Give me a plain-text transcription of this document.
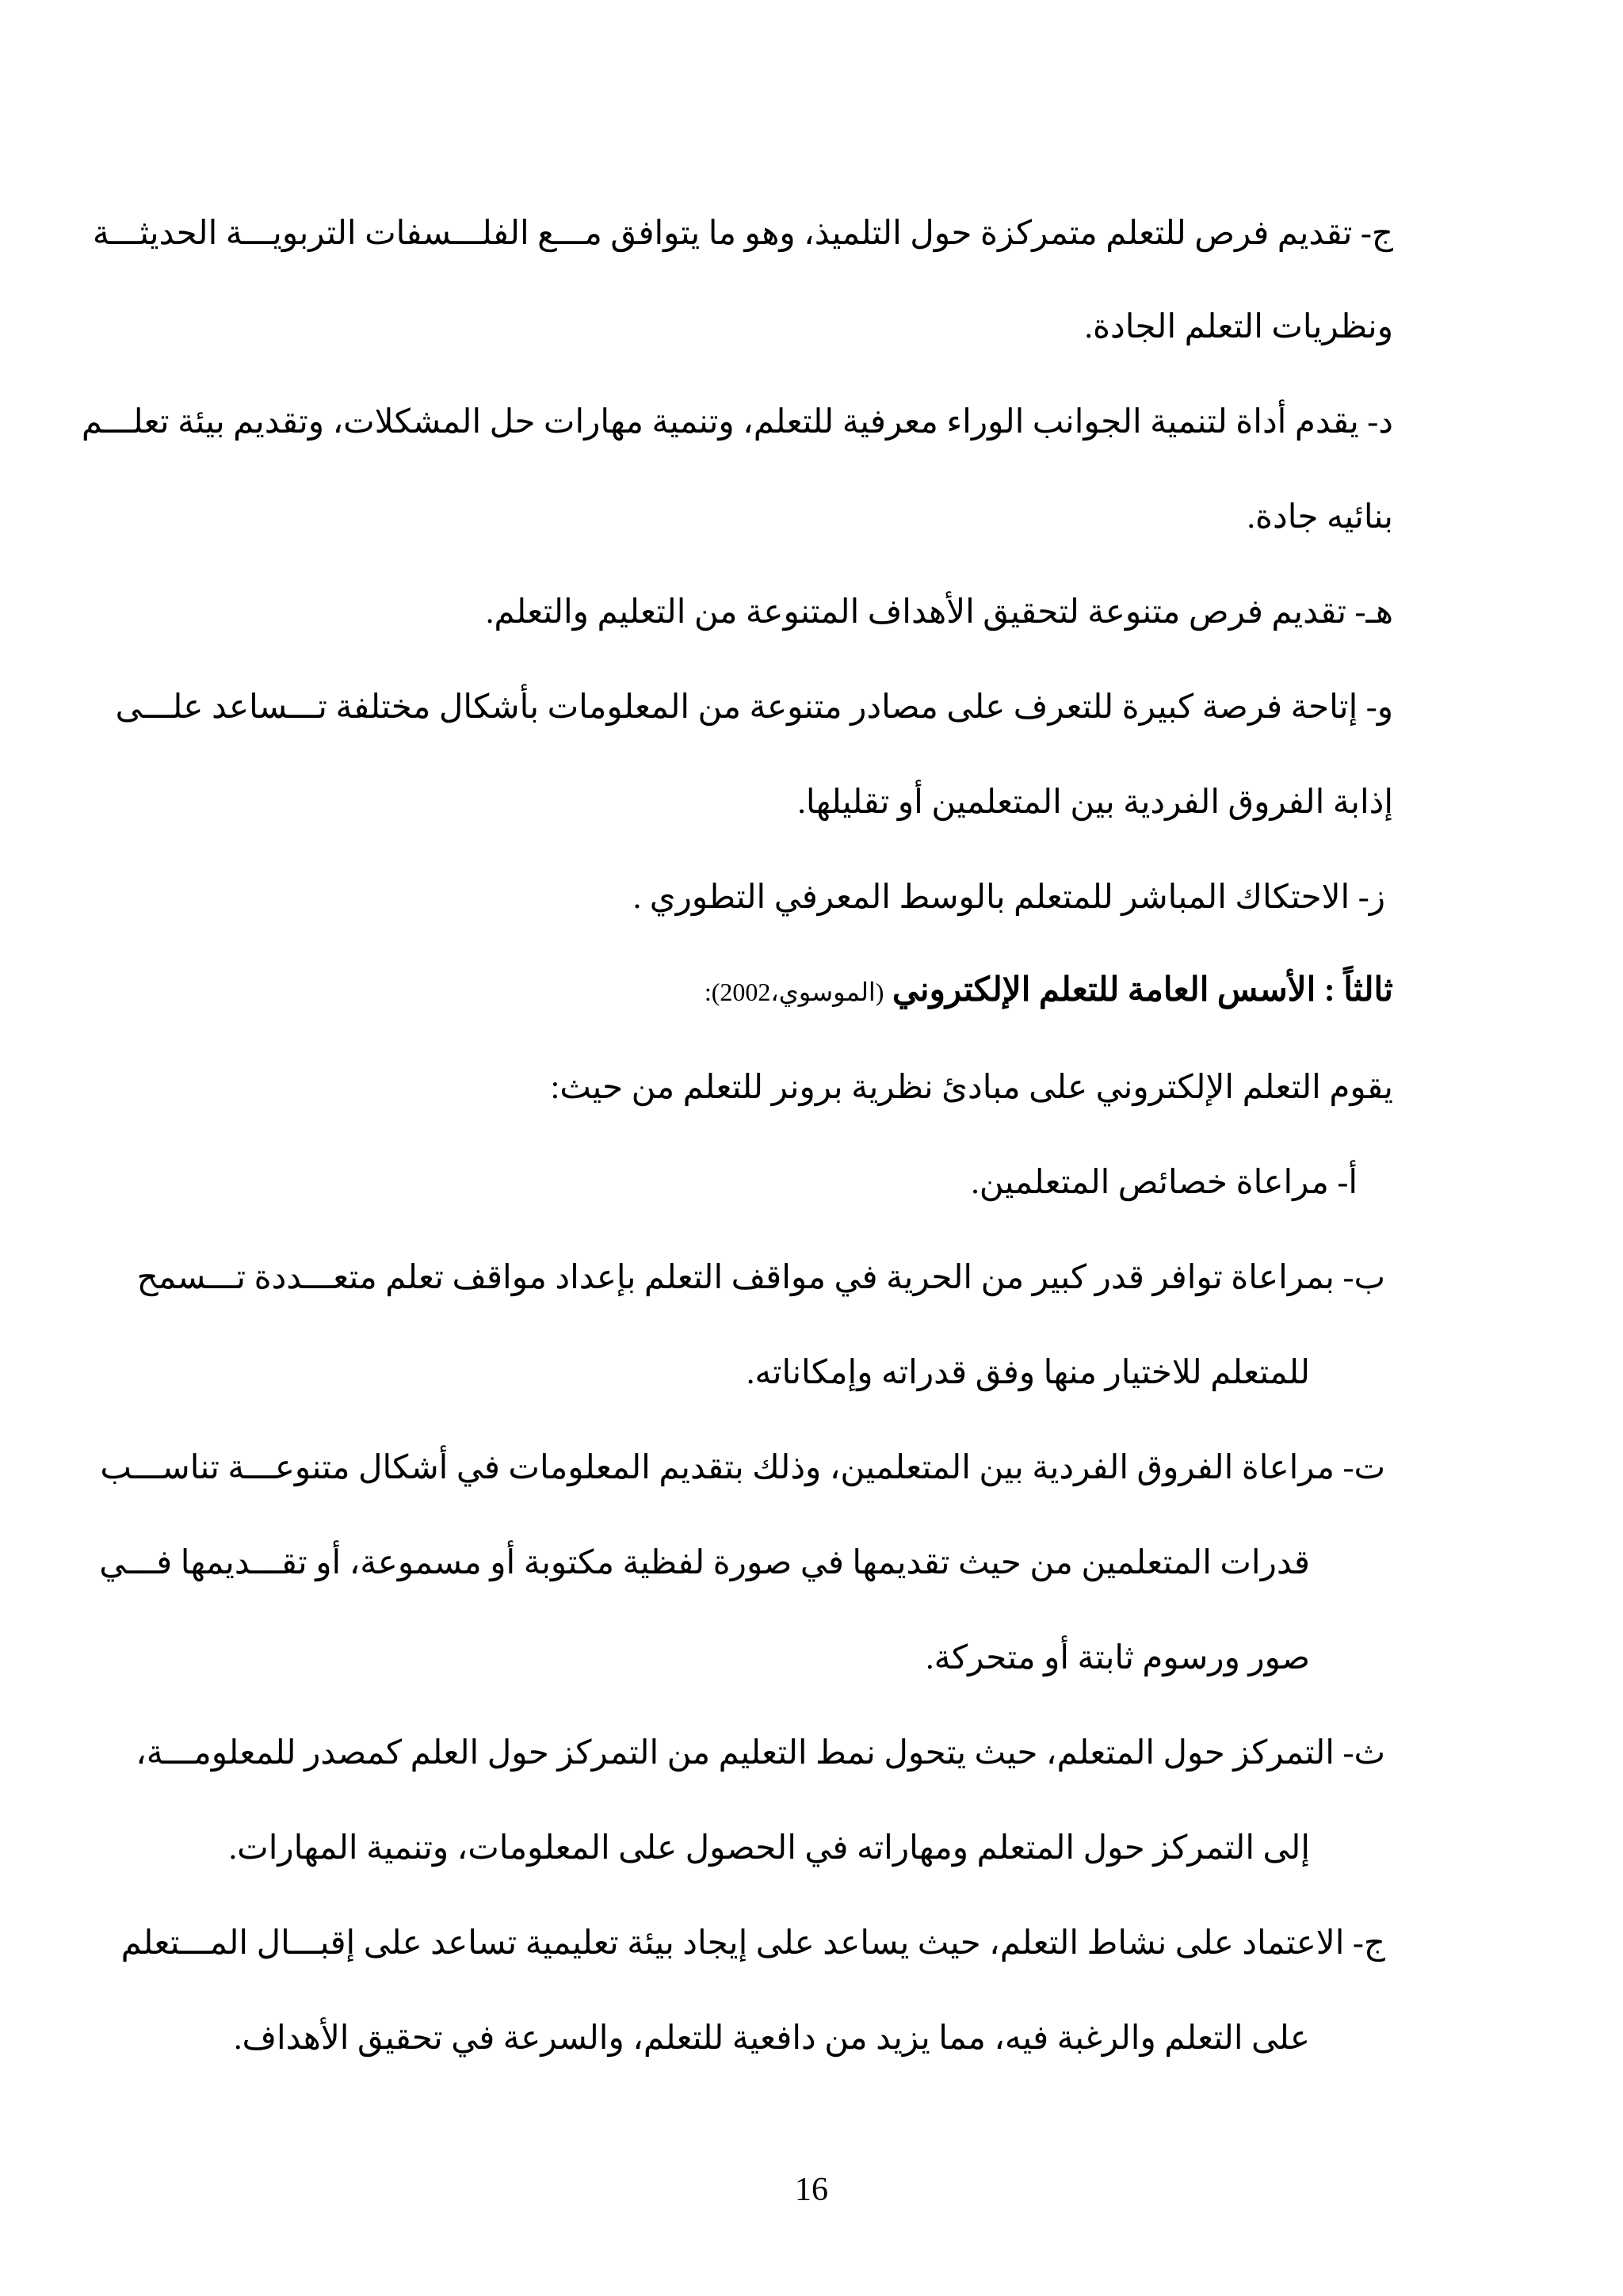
ج- تقديم فرص للتعلم متمركزة حول التلميذ، وهو ما يتوافق مـــع الفلـــسفات التربويـــة الحديثـــة
ونظريات التعلم الجادة.
د- يقدم أداة لتنمية الجوانب الوراء معرفية للتعلم، وتنمية مهارات حل المشكلات، وتقديم بيئة تعلـــم
بنائيه جادة.
هـ- تقديم فرص متنوعة لتحقيق الأهداف المتنوعة من التعليم والتعلم.
و- إتاحة فرصة كبيرة للتعرف على مصادر متنوعة من المعلومات بأشكال مختلفة تـــساعد علـــى
إذابة الفروق الفردية بين المتعلمين أو تقليلها.
ز- الاحتكاك المباشر للمتعلم بالوسط المعرفي التطوري .
ثالثاً : الأسس العامة للتعلم الإلكتروني (الموسوي،2002):
يقوم التعلم الإلكتروني على مبادئ نظرية برونر للتعلم من حيث:
أ- مراعاة خصائص المتعلمين.
ب- بمراعاة توافر قدر كبير من الحرية في مواقف التعلم بإعداد مواقف تعلم متعـــددة تـــسمح
للمتعلم للاختيار منها وفق قدراته وإمكاناته.
ت- مراعاة الفروق الفردية بين المتعلمين، وذلك بتقديم المعلومات في أشكال متنوعـــة تناســـب
قدرات المتعلمين من حيث تقديمها في صورة لفظية مكتوبة أو مسموعة، أو تقـــديمها فـــي
صور ورسوم ثابتة أو متحركة.
ث- التمركز حول المتعلم، حيث يتحول نمط التعليم من التمركز حول العلم كمصدر للمعلومـــة،
إلى التمركز حول المتعلم ومهاراته في الحصول على المعلومات، وتنمية المهارات.
ج- الاعتماد على نشاط التعلم، حيث يساعد على إيجاد بيئة تعليمية تساعد على إقبـــال المـــتعلم
على التعلم والرغبة فيه، مما يزيد من دافعية للتعلم، والسرعة في تحقيق الأهداف.
16
